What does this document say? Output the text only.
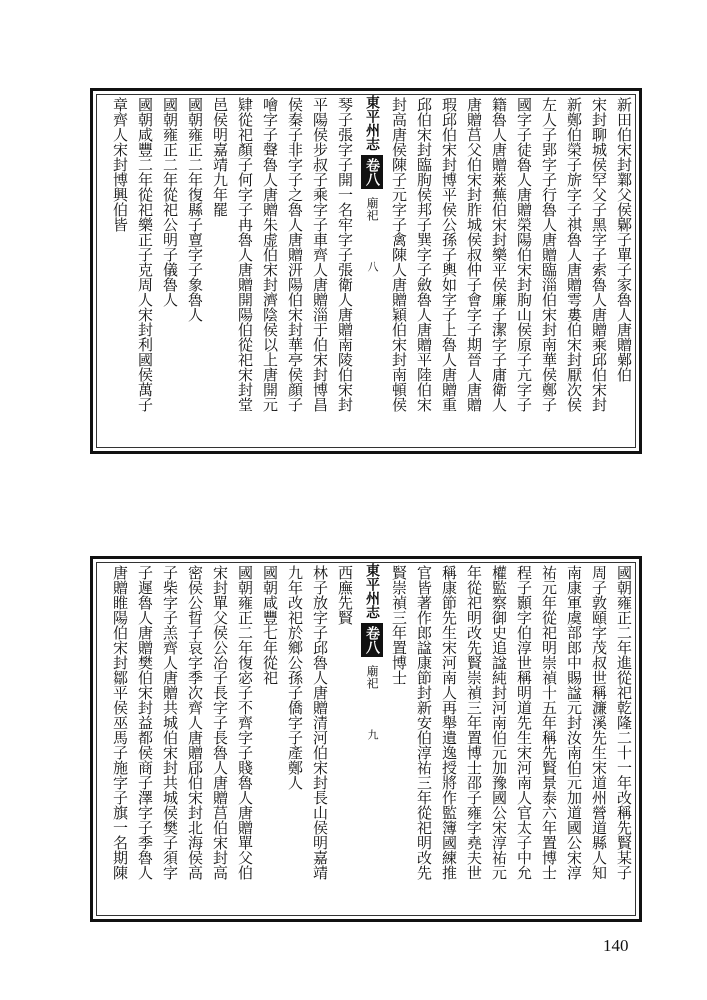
新田伯宋封鄴父侯鄡子單子家魯人唐贈鄵伯
宋封聊城侯罕父子黑字子索魯人唐贈乘邱伯宋封
新鄭伯榮子旂字子祺魯人唐贈雩婁伯宋封厭次侯
左人子郢字子行魯人唐贈臨淄伯宋封南華侯鄭子
國字子徒魯人唐贈榮陽伯宋封朐山侯原子亢字子
籍魯人唐贈萊蕪伯宋封樂平侯廉子潔字子庸衛人
唐贈莒父伯宋封胙城侯叔仲子會字子期晉人唐贈
瑕邱伯宋封博平侯公孫子輿如字子上魯人唐贈重
邱伯宋封臨朐侯邦子巽字子斂魯人唐贈平陸伯宋
封高唐侯陳子元字子禽陳人唐贈穎伯宋封南頓侯
東平州志卷八廟祀八
琴子張字子開一名牢字子張衛人唐贈南陵伯宋封
平陽侯步叔子乘字子車齊人唐贈淄于伯宋封博昌
侯秦子非字子之魯人唐贈汧陽伯宋封華亭侯顔子
噲字子聲魯人唐贈朱虚伯宋封濟陰侯以上唐開元
肄從祀顏子何字子冉魯人唐贈開陽伯從祀宋封堂
邑侯明嘉靖九年罷
國朝雍正二年復縣子亶字子象魯人
國朝雍正二年從祀公明子儀魯人
國朝咸豐二年從祀樂正子克周人宋封利國侯萬子
章齊人宋封博興伯皆
國朝雍正二年進從祀乾隆二十一年改稱先賢某子
周子敦頤字茂叔世稱濂溪先生宋道州營道縣人知
南康軍虞部郎中賜諡元封汝南伯元加道國公宋淳
祐元年從祀明崇禎十五年稱先賢景泰六年置博士
程子顥字伯淳世稱明道先生宋河南人官太子中允
權監察御史追諡純封河南伯元加豫國公宋淳祐元
年從祀明改先賢崇禎三年置博士邵子雍字堯夫世
稱康節先生宋河南人再舉遺逸授將作監簿國練推
官皆著作郎諡康節封新安伯淳祐三年從祀明改先
賢崇禎三年置博士
東平州志卷八廟祀九
西廡先賢
林子放字子邱魯人唐贈清河伯宋封長山侯明嘉靖
九年改祀於鄉公孫子僑字子產鄭人
國朝咸豐七年從祀
國朝雍正二年復宓子不齊字子賤魯人唐贈單父伯
宋封單父侯公冶子長字子長魯人唐贈莒伯宋封高
密侯公晢子哀字季次齊人唐贈郈伯宋封北海侯高
子柴字子羔齊人唐贈共城伯宋封共城侯樊子須字
子遲魯人唐贈樊伯宋封益都侯商子澤字子季魯人
唐贈睢陽伯宋封鄒平侯巫馬子施字子旗一名期陳
140
